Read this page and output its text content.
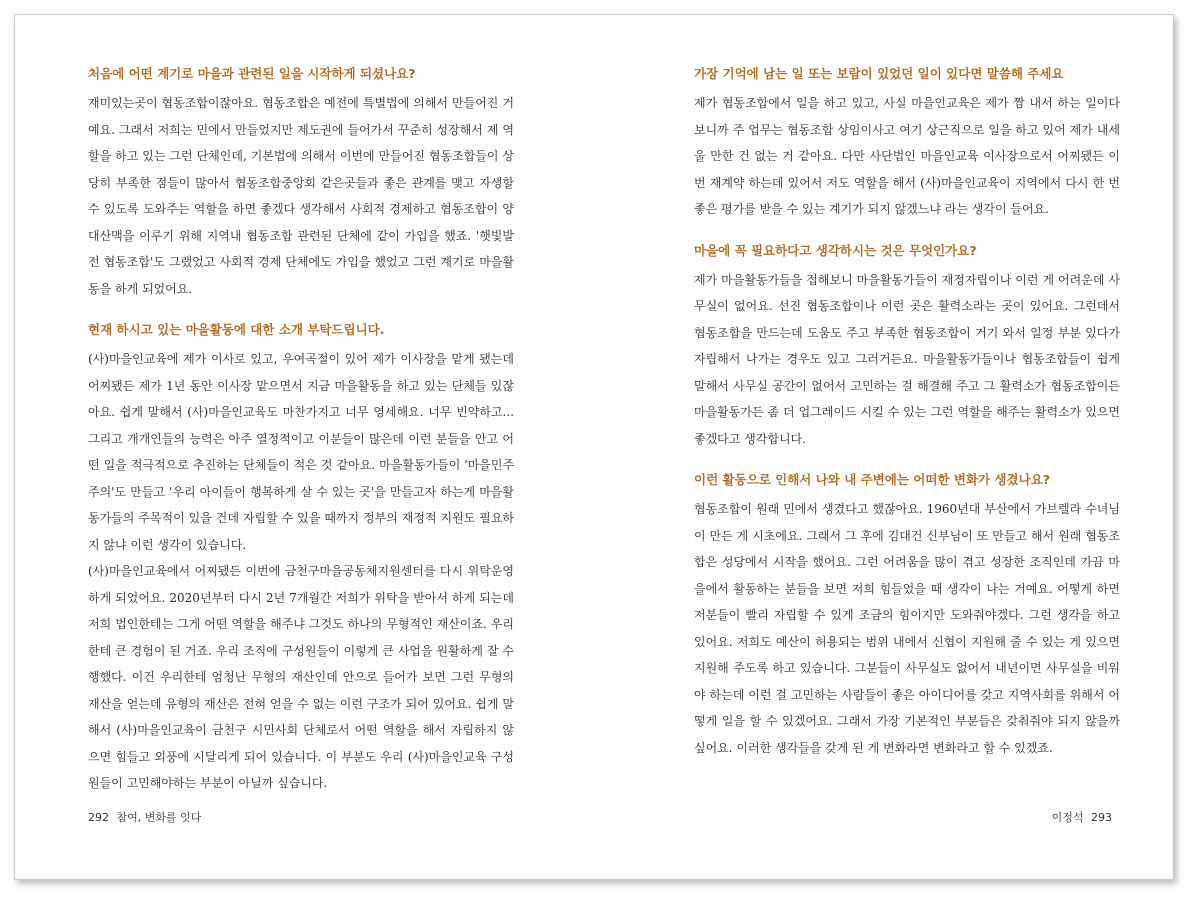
처음에 어떤 계기로 마을과 관련된 일을 시작하게 되셨나요?

재미있는곳이 협동조합이잖아요. 협동조합은 예전에 특별법에 의해서 만들어진 거예요. 그래서 저희는 민에서 만들었지만 제도권에 들어가서 꾸준히 성장해서 제 역할을 하고 있는 그런 단체인데, 기본법에 의해서 이번에 만들어진 협동조합들이 상당히 부족한 점들이 많아서 협동조합중앙회 같은곳들과 좋은 관계를 맺고 자생할 수 있도록 도와주는 역할을 하면 좋겠다 생각해서 사회적 경제하고 협동조합이 양대산맥을 이루기 위해 지역내 협동조합 관련된 단체에 같이 가입을 했죠. '햇빛발전 협동조합'도 그랬었고 사회적 경제 단체에도 가입을 했었고 그런 계기로 마을활동을 하게 되었어요.

현재 하시고 있는 마을활동에 대한 소개 부탁드립니다.

(사)마을인교육에 제가 이사로 있고, 우여곡절이 있어 제가 이사장을 맡게 됐는데 어찌됐든 제가 1년 동안 이사장 맡으면서 지금 마을활동을 하고 있는 단체들 있잖아요. 쉽게 말해서 (사)마을인교육도 마찬가지고 너무 영세해요. 너무 빈약하고... 그리고 개개인들의 능력은 아주 열정적이고 이분들이 많은데 이런 분들을 안고 어떤 일을 적극적으로 추진하는 단체들이 적은 것 같아요. 마을활동가들이 '마을민주주의'도 만들고 '우리 아이들이 행복하게 살 수 있는 곳'을 만들고자 하는게 마을활동가들의 주목적이 있을 건데 자립할 수 있을 때까지 정부의 재정적 지원도 필요하지 않냐 이런 생각이 있습니다.

(사)마을인교육에서 어찌됐든 이번에 금천구마을공동체지원센터를 다시 위탁운영하게 되었어요. 2020년부터 다시 2년 7개월간 저희가 위탁을 받아서 하게 되는데 저희 법인한테는 그게 어떤 역할을 해주냐 그것도 하나의 무형적인 재산이죠. 우리한테 큰 경험이 된 거죠. 우리 조직에 구성원들이 이렇게 큰 사업을 원활하게 잘 수행했다. 이건 우리한테 엄청난 무형의 재산인데 안으로 들어가 보면 그런 무형의 재산을 얻는데 유형의 재산은 전혀 얻을 수 없는 이런 구조가 되어 있어요. 쉽게 말해서 (사)마을인교육이 금천구 시민사회 단체로서 어떤 역할을 해서 자립하지 않으면 힘들고 외풍에 시달리게 되어 있습니다. 이 부분도 우리 (사)마을인교육 구성원들이 고민해야하는 부분이 아닐까 싶습니다.

가장 기억에 남는 일 또는 보람이 있었던 일이 있다면 말씀해 주세요

제가 협동조합에서 일을 하고 있고, 사실 마을인교육은 제가 짬 내서 하는 일이다 보니까 주 업무는 협동조합 상임이사고 여기 상근직으로 일을 하고 있어 제가 내세울 만한 건 없는 거 같아요. 다만 사단법인 마을인교육 이사장으로서 어찌됐든 이번 재계약 하는데 있어서 저도 역할을 해서 (사)마을인교육이 지역에서 다시 한 번 좋은 평가를 받을 수 있는 계기가 되지 않겠느냐 라는 생각이 들어요.

마을에 꼭 필요하다고 생각하시는 것은 무엇인가요?

제가 마을활동가들을 접해보니 마을활동가들이 재정자립이나 이런 게 어려운데 사무실이 없어요. 선진 협동조합이나 이런 곳은 활력소라는 곳이 있어요. 그런데서 협동조합을 만드는데 도움도 주고 부족한 협동조합이 거기 와서 일정 부분 있다가 자립해서 나가는 경우도 있고 그러거든요. 마을활동가들이나 협동조합들이 쉽게 말해서 사무실 공간이 없어서 고민하는 걸 해결해 주고 그 활력소가 협동조합이든 마을활동가든 좀 더 업그레이드 시킬 수 있는 그런 역할을 해주는 활력소가 있으면 좋겠다고 생각합니다.

이런 활동으로 인해서 나와 내 주변에는 어떠한 변화가 생겼나요?

협동조합이 원래 민에서 생겼다고 했잖아요. 1960년대 부산에서 가브렐라 수녀님이 만든 게 시초에요. 그래서 그 후에 김대건 신부님이 또 만들고 해서 원래 협동조합은 성당에서 시작을 했어요. 그런 어려움을 많이 겪고 성장한 조직인데 가끔 마을에서 활동하는 분들을 보면 저희 힘들었을 때 생각이 나는 거예요. 어떻게 하면 저분들이 빨리 자립할 수 있게 조금의 힘이지만 도와줘야겠다. 그런 생각을 하고 있어요. 저희도 예산이 허용되는 범위 내에서 신협이 지원해 줄 수 있는 게 있으면 지원해 주도록 하고 있습니다. 그분들이 사무실도 없어서 내년이면 사무실을 비워야 하는데 이런 걸 고민하는 사람들이 좋은 아이디어를 갖고 지역사회를 위해서 어떻게 일을 할 수 있겠어요. 그래서 가장 기본적인 부분들은 갖춰줘야 되지 않을까 싶어요. 이러한 생각들을 갖게 된 게 변화라면 변화라고 할 수 있겠죠.

292 참여, 변화를 잇다	이정석 293
